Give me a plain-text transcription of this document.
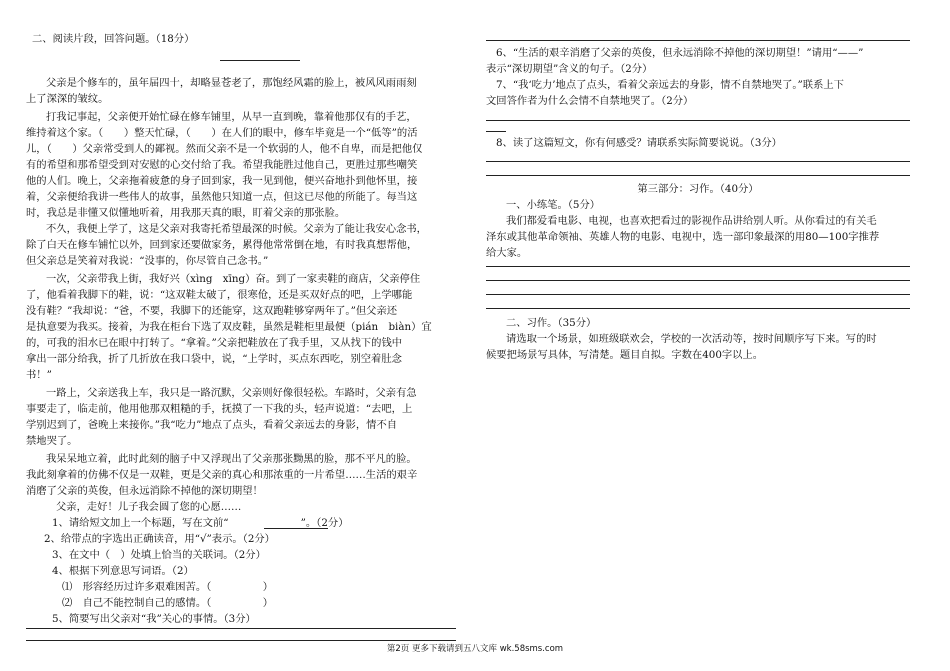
二、阅读片段，回答问题。（18分）
父亲是个修车的，虽年届四十，却略显苍老了，那饱经风霜的脸上，被风风雨雨刻
上了深深的皱纹。
打我记事起，父亲便开始忙碌在修车铺里，从早一直到晚，靠着他那仅有的手艺，
维持着这个家。（　　）整天忙碌，（　　）在人们的眼中，修车毕竟是一个“低等”的活
儿，（　　）父亲常受到人的鄙视。然而父亲不是一个软弱的人，他不自卑，而是把他仅
有的希望和那希望受到对安慰的心交付给了我。希望我能胜过他自己，更胜过那些嘲笑
他的人们。晚上，父亲拖着疲惫的身子回到家，我一见到他，便兴奋地扑到他怀里，接
着，父亲便给我讲一些伟人的故事，虽然他只知道一点，但这已尽他的所能了。每当这
时，我总是非懂又似懂地听着，用我那天真的眼，盯着父亲的那张脸。
不久，我便上学了，这是父亲对我寄托希望最深的时候。父亲为了能让我安心念书，
除了白天在修车铺忙以外，回到家还要做家务，累得他常常倒在地，有时我真想帮他，
但父亲总是笑着对我说：“没事的，你尽管自己念书。”
一次，父亲带我上街，我好兴（xìng　xīng）奋。到了一家卖鞋的商店，父亲停住
了，他看着我脚下的鞋，说：“这双鞋太破了，很寒伧，还是买双好点的吧，上学哪能
没有鞋？”我却说：“爸，不要，我脚下的还能穿，这双跑鞋够穿两年了。”但父亲还
是执意要为我买。接着，为我在柜台下选了双皮鞋，虽然是鞋柜里最便（pián　biàn）宜
的，可我的泪水已在眼中打转了。“拿着。”父亲把鞋放在了我手里，又从找下的钱中
拿出一部分给我，折了几折放在我口袋中，说，“上学时，买点东西吃，别空着肚念
书！”
一路上，父亲送我上车，我只是一路沉默，父亲则好像很轻松。车路时，父亲有急
事要走了，临走前，他用他那双粗糙的手，抚摸了一下我的头，轻声说道：“去吧，上
学别迟到了，爸晚上来接你。”我“吃力”地点了点头，看着父亲远去的身影，情不自
禁地哭了。
我呆呆地立着，此时此刻的脑子中又浮现出了父亲那张黝黑的脸，那不平凡的脸。
我此刻拿着的仿佛不仅是一双鞋，更是父亲的真心和那浓重的一片希望……生活的艰辛
消磨了父亲的英俊，但永远消除不掉他的深切期望！
父亲，走好！儿子我会圆了您的心愿……
1、请给短文加上一个标题，写在文前“　　　　　　　”。（2分）
2、给带点的字选出正确读音，用“√”表示。（2分）
3、在文中（　）处填上恰当的关联词。（2分）
4、根据下列意思写词语。（2）
⑴　形容经历过许多艰难困苦。（　　　　　）
⑵　自己不能控制自己的感情。（　　　　　）
5、简要写出父亲对“我”关心的事情。（3分）
6、“生活的艰辛消磨了父亲的英俊，但永远消除不掉他的深切期望！”请用“——”
表示“深切期望”含义的句子。（2分）
7、“我‘吃力’地点了点头，看着父亲远去的身影，情不自禁地哭了。”联系上下
文回答作者为什么会情不自禁地哭了。（2分）
8、读了这篇短文，你有何感受？请联系实际简要说说。（3分）
第三部分：习作。（40分）
一、小练笔。（5分）
我们都爱看电影、电视，也喜欢把看过的影视作品讲给别人听。从你看过的有关毛
泽东或其他革命领袖、英雄人物的电影、电视中，选一部印象最深的用80—100字推荐
给大家。
二、习作。（35分）
请选取一个场景，如班级联欢会，学校的一次活动等，按时间顺序写下来。写的时
候要把场景写具体，写清楚。题目自拟。字数在400字以上。
第2页 更多下载请到五八文库 wk.58sms.com
